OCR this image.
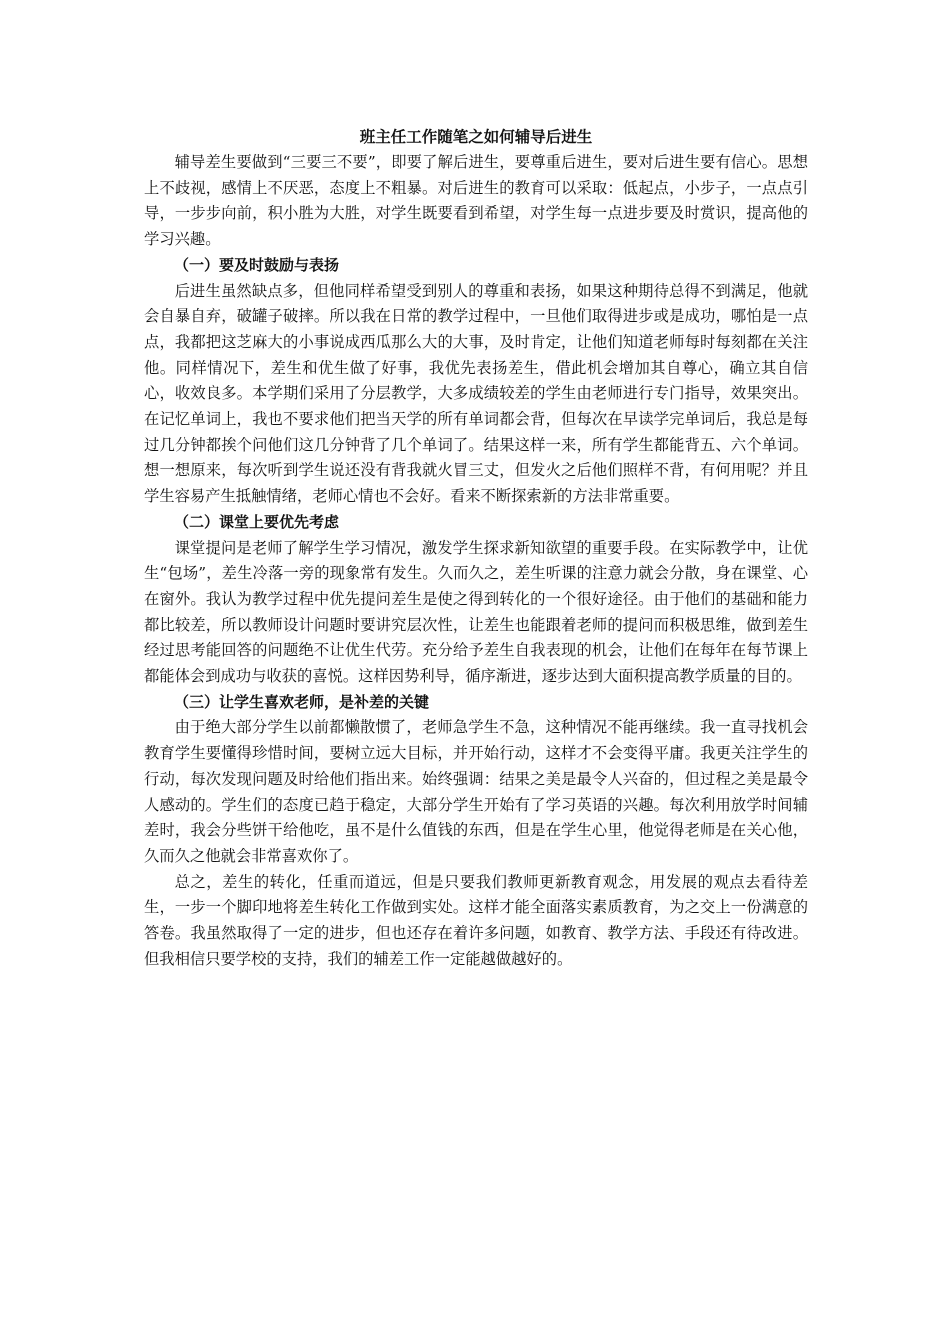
班主任工作随笔之如何辅导后进生

辅导差生要做到“三要三不要”，即要了解后进生，要尊重后进生，要对后进生要有信心。思想上不歧视，感情上不厌恶，态度上不粗暴。对后进生的教育可以采取：低起点，小步子，一点点引导，一步步向前，积小胜为大胜，对学生既要看到希望，对学生每一点进步要及时赏识，提高他的学习兴趣。

（一）要及时鼓励与表扬

后进生虽然缺点多，但他同样希望受到别人的尊重和表扬，如果这种期待总得不到满足，他就会自暴自弃，破罐子破摔。所以我在日常的教学过程中，一旦他们取得进步或是成功，哪怕是一点点，我都把这芝麻大的小事说成西瓜那么大的大事，及时肯定，让他们知道老师每时每刻都在关注他。同样情况下，差生和优生做了好事，我优先表扬差生，借此机会增加其自尊心，确立其自信心，收效良多。本学期们采用了分层教学，大多成绩较差的学生由老师进行专门指导，效果突出。在记忆单词上，我也不要求他们把当天学的所有单词都会背，但每次在早读学完单词后，我总是每过几分钟都挨个问他们这几分钟背了几个单词了。结果这样一来，所有学生都能背五、六个单词。想一想原来，每次听到学生说还没有背我就火冒三丈，但发火之后他们照样不背，有何用呢？并且学生容易产生抵触情绪，老师心情也不会好。看来不断探索新的方法非常重要。

（二）课堂上要优先考虑

课堂提问是老师了解学生学习情况，激发学生探求新知欲望的重要手段。在实际教学中，让优生“包场”，差生冷落一旁的现象常有发生。久而久之，差生听课的注意力就会分散，身在课堂、心在窗外。我认为教学过程中优先提问差生是使之得到转化的一个很好途径。由于他们的基础和能力都比较差，所以教师设计问题时要讲究层次性，让差生也能跟着老师的提问而积极思维，做到差生经过思考能回答的问题绝不让优生代劳。充分给予差生自我表现的机会，让他们在每年在每节课上都能体会到成功与收获的喜悦。这样因势利导，循序渐进，逐步达到大面积提高教学质量的目的。

（三）让学生喜欢老师，是补差的关键

由于绝大部分学生以前都懒散惯了，老师急学生不急，这种情况不能再继续。我一直寻找机会教育学生要懂得珍惜时间，要树立远大目标，并开始行动，这样才不会变得平庸。我更关注学生的行动，每次发现问题及时给他们指出来。始终强调：结果之美是最令人兴奋的，但过程之美是最令人感动的。学生们的态度已趋于稳定，大部分学生开始有了学习英语的兴趣。每次利用放学时间辅差时，我会分些饼干给他吃，虽不是什么值钱的东西，但是在学生心里，他觉得老师是在关心他，久而久之他就会非常喜欢你了。

总之，差生的转化，任重而道远，但是只要我们教师更新教育观念，用发展的观点去看待差生，一步一个脚印地将差生转化工作做到实处。这样才能全面落实素质教育，为之交上一份满意的答卷。我虽然取得了一定的进步，但也还存在着许多问题，如教育、教学方法、手段还有待改进。但我相信只要学校的支持，我们的辅差工作一定能越做越好的。
